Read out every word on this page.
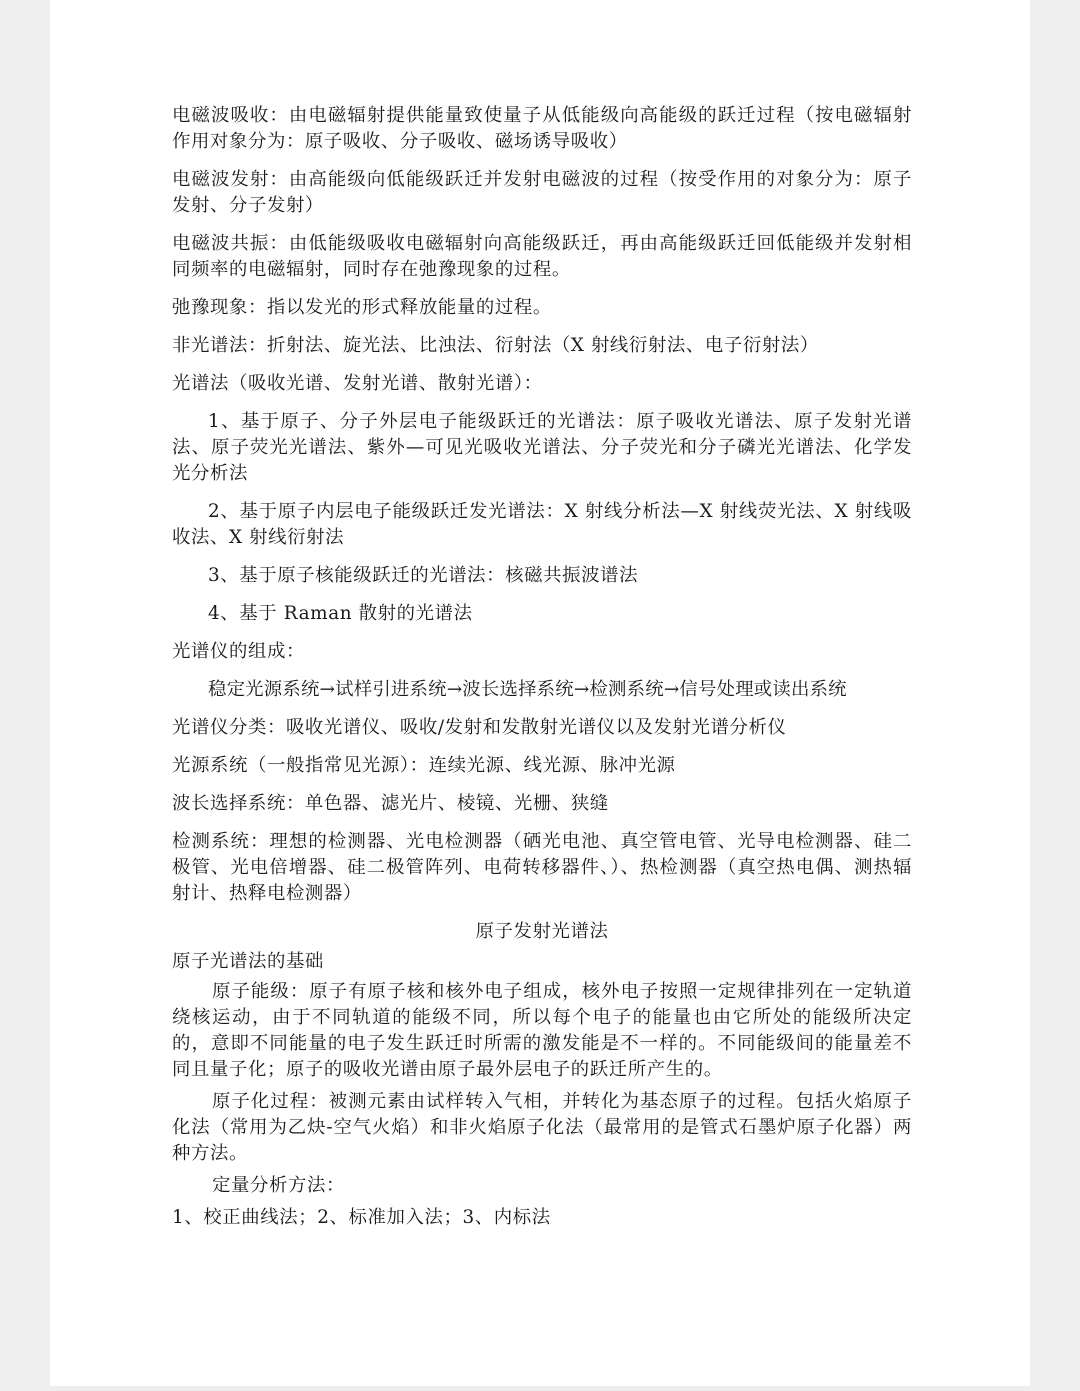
电磁波吸收：由电磁辐射提供能量致使量子从低能级向高能级的跃迁过程（按电磁辐射作用对象分为：原子吸收、分子吸收、磁场诱导吸收）

电磁波发射：由高能级向低能级跃迁并发射电磁波的过程（按受作用的对象分为：原子发射、分子发射）

电磁波共振：由低能级吸收电磁辐射向高能级跃迁，再由高能级跃迁回低能级并发射相同频率的电磁辐射，同时存在弛豫现象的过程。

弛豫现象：指以发光的形式释放能量的过程。

非光谱法：折射法、旋光法、比浊法、衍射法（X 射线衍射法、电子衍射法）

光谱法（吸收光谱、发射光谱、散射光谱）：

1、基于原子、分子外层电子能级跃迁的光谱法：原子吸收光谱法、原子发射光谱法、原子荧光光谱法、紫外—可见光吸收光谱法、分子荧光和分子磷光光谱法、化学发光分析法

2、基于原子内层电子能级跃迁发光谱法：X 射线分析法—X 射线荧光法、X 射线吸收法、X 射线衍射法

3、基于原子核能级跃迁的光谱法：核磁共振波谱法

4、基于 Raman 散射的光谱法

光谱仪的组成：

稳定光源系统→试样引进系统→波长选择系统→检测系统→信号处理或读出系统

光谱仪分类：吸收光谱仪、吸收/发射和发散射光谱仪以及发射光谱分析仪

光源系统（一般指常见光源）：连续光源、线光源、脉冲光源

波长选择系统：单色器、滤光片、棱镜、光栅、狭缝

检测系统：理想的检测器、光电检测器（硒光电池、真空管电管、光导电检测器、硅二极管、光电倍增器、硅二极管阵列、电荷转移器件、）、热检测器（真空热电偶、测热辐射计、热释电检测器）

原子发射光谱法

原子光谱法的基础

原子能级：原子有原子核和核外电子组成，核外电子按照一定规律排列在一定轨道绕核运动，由于不同轨道的能级不同，所以每个电子的能量也由它所处的能级所决定的，意即不同能量的电子发生跃迁时所需的激发能是不一样的。不同能级间的能量差不同且量子化；原子的吸收光谱由原子最外层电子的跃迁所产生的。

原子化过程：被测元素由试样转入气相，并转化为基态原子的过程。包括火焰原子化法（常用为乙炔-空气火焰）和非火焰原子化法（最常用的是管式石墨炉原子化器）两种方法。

定量分析方法：

1、校正曲线法；2、标准加入法；3、内标法
